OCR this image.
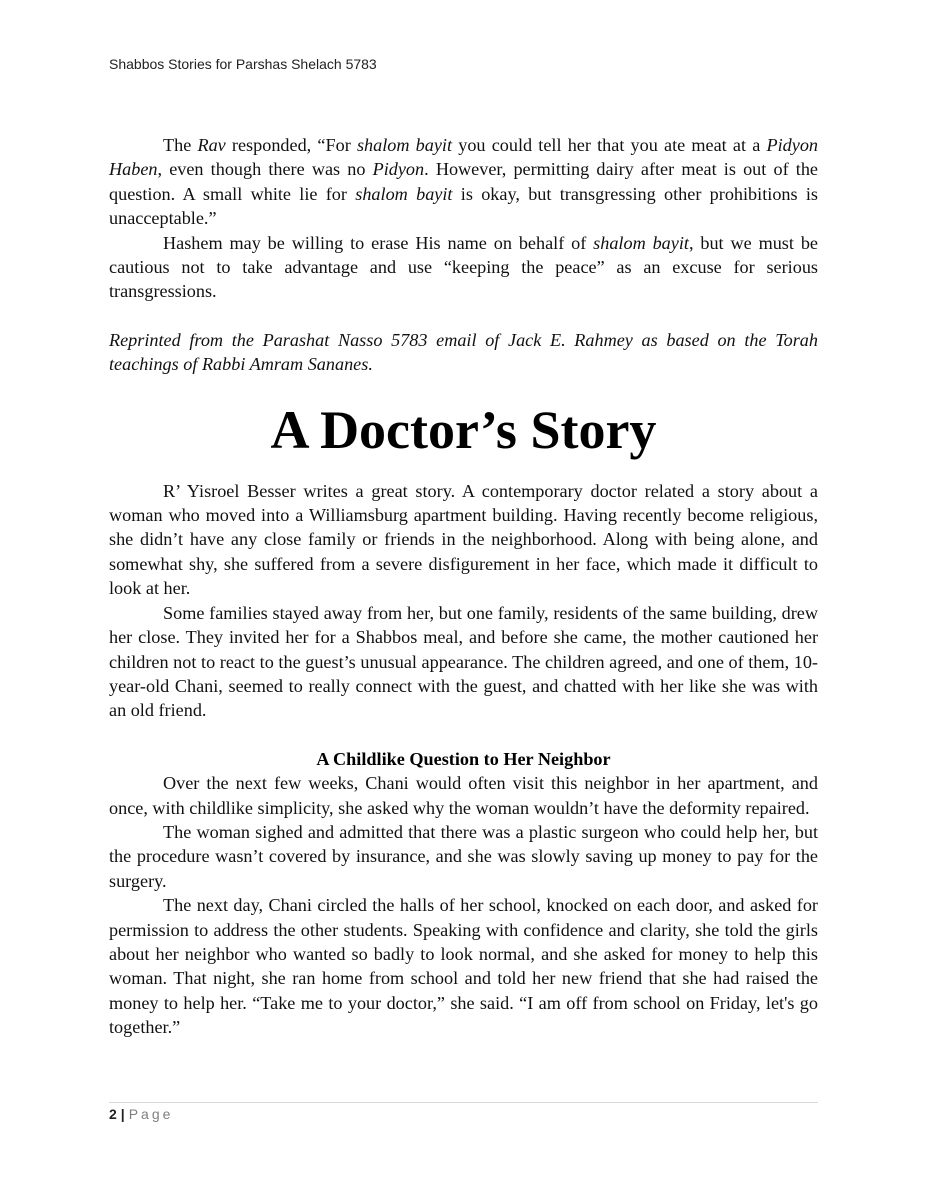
Shabbos Stories for Parshas Shelach 5783

The Rav responded, “For shalom bayit you could tell her that you ate meat at a Pidyon Haben, even though there was no Pidyon. However, permitting dairy after meat is out of the question. A small white lie for shalom bayit is okay, but transgressing other prohibitions is unacceptable.”

Hashem may be willing to erase His name on behalf of shalom bayit, but we must be cautious not to take advantage and use “keeping the peace” as an excuse for serious transgressions.

Reprinted from the Parashat Nasso 5783 email of Jack E. Rahmey as based on the Torah teachings of Rabbi Amram Sananes.

A Doctor’s Story

R’ Yisroel Besser writes a great story. A contemporary doctor related a story about a woman who moved into a Williamsburg apartment building. Having recently become religious, she didn’t have any close family or friends in the neighborhood. Along with being alone, and somewhat shy, she suffered from a severe disfigurement in her face, which made it difficult to look at her.

Some families stayed away from her, but one family, residents of the same building, drew her close. They invited her for a Shabbos meal, and before she came, the mother cautioned her children not to react to the guest’s unusual appearance. The children agreed, and one of them, 10-year-old Chani, seemed to really connect with the guest, and chatted with her like she was with an old friend.

A Childlike Question to Her Neighbor

Over the next few weeks, Chani would often visit this neighbor in her apartment, and once, with childlike simplicity, she asked why the woman wouldn’t have the deformity repaired.

The woman sighed and admitted that there was a plastic surgeon who could help her, but the procedure wasn’t covered by insurance, and she was slowly saving up money to pay for the surgery.

The next day, Chani circled the halls of her school, knocked on each door, and asked for permission to address the other students. Speaking with confidence and clarity, she told the girls about her neighbor who wanted so badly to look normal, and she asked for money to help this woman. That night, she ran home from school and told her new friend that she had raised the money to help her. “Take me to your doctor,” she said. “I am off from school on Friday, let's go together.”

2 | Page
